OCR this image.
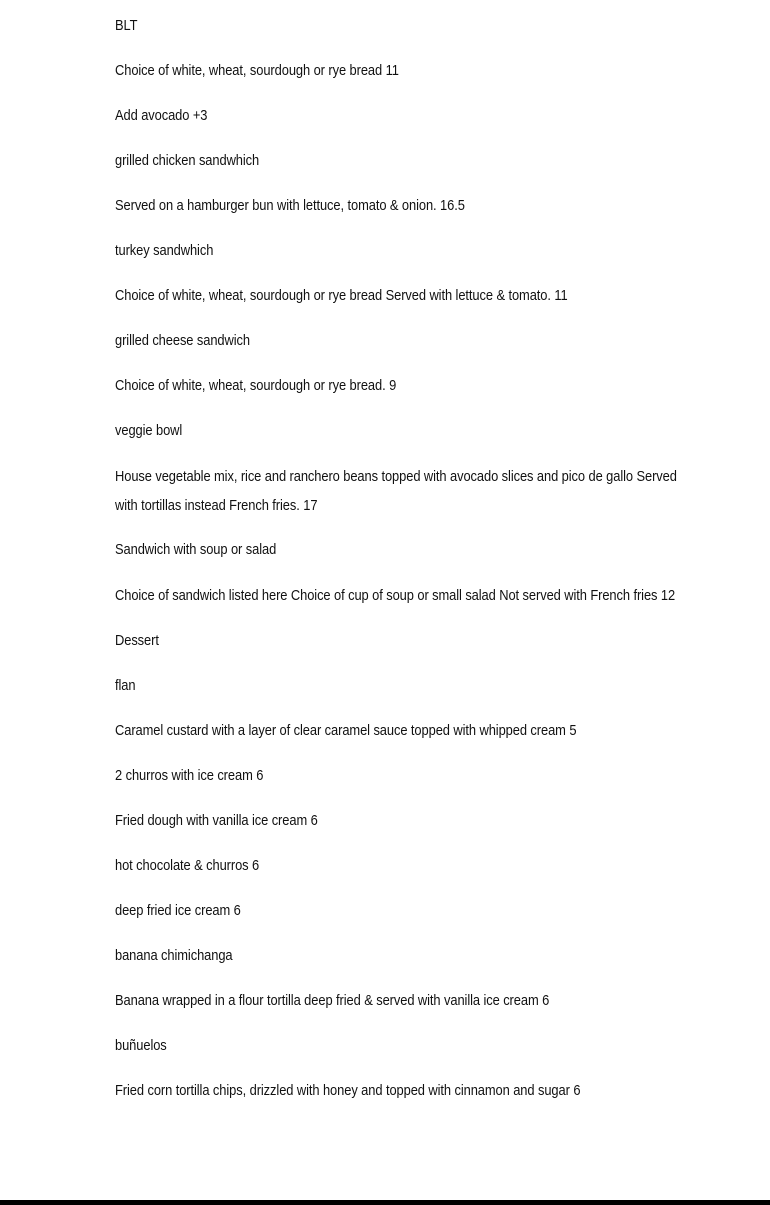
BLT

Choice of white, wheat, sourdough or rye bread 11

Add avocado +3

grilled chicken sandwhich

Served on a hamburger bun with lettuce, tomato & onion. 16.5

turkey sandwhich

Choice of white, wheat, sourdough or rye bread Served with lettuce & tomato. 11

grilled cheese sandwich

Choice of white, wheat, sourdough or rye bread. 9

veggie bowl

House vegetable mix, rice and ranchero beans topped with avocado slices and pico de gallo Served with tortillas instead French fries. 17

Sandwich with soup or salad

Choice of sandwich listed here Choice of cup of soup or small salad Not served with French fries 12

Dessert

flan

Caramel custard with a layer of clear caramel sauce topped with whipped cream 5

2 churros with ice cream 6

Fried dough with vanilla ice cream 6

hot chocolate & churros 6

deep fried ice cream 6

banana chimichanga

Banana wrapped in a flour tortilla deep fried & served with vanilla ice cream 6

buñuelos

Fried corn tortilla chips, drizzled with honey and topped with cinnamon and sugar 6
